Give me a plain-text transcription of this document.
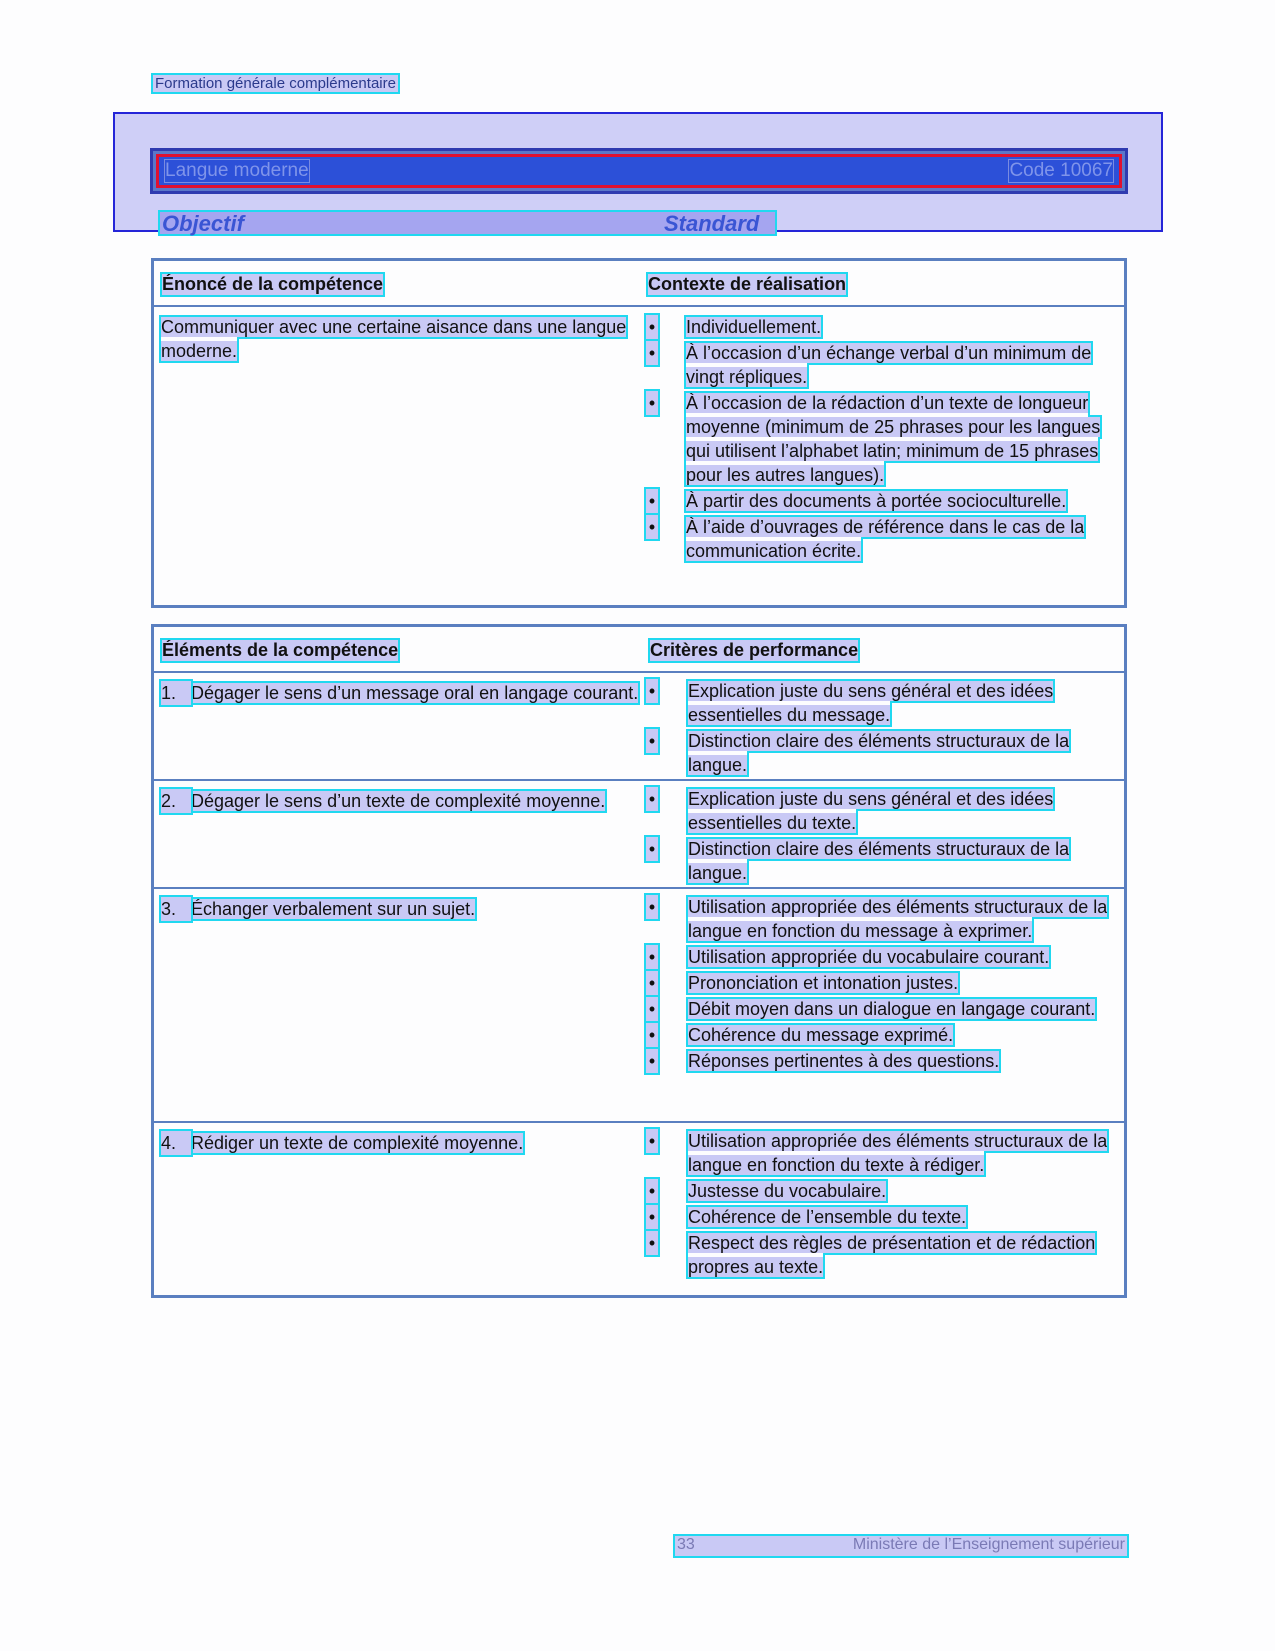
Formation générale complémentaire
Langue moderne	Code 10067
Objectif	Standard
Énoncé de la compétence	Contexte de réalisation
Communiquer avec une certaine aisance dans une langue moderne.
• Individuellement.
• À l’occasion d’un échange verbal d’un minimum de vingt répliques.
• À l’occasion de la rédaction d’un texte de longueur moyenne (minimum de 25 phrases pour les langues qui utilisent l’alphabet latin; minimum de 15 phrases pour les autres langues).
• À partir des documents à portée socioculturelle.
• À l’aide d’ouvrages de référence dans le cas de la communication écrite.
Éléments de la compétence	Critères de performance
1. Dégager le sens d’un message oral en langage courant.	• Explication juste du sens général et des idées essentielles du message.
• Distinction claire des éléments structuraux de la langue.
2. Dégager le sens d’un texte de complexité moyenne.	• Explication juste du sens général et des idées essentielles du texte.
• Distinction claire des éléments structuraux de la langue.
3. Échanger verbalement sur un sujet.	• Utilisation appropriée des éléments structuraux de la langue en fonction du message à exprimer.
• Utilisation appropriée du vocabulaire courant.
• Prononciation et intonation justes.
• Débit moyen dans un dialogue en langage courant.
• Cohérence du message exprimé.
• Réponses pertinentes à des questions.
4. Rédiger un texte de complexité moyenne.	• Utilisation appropriée des éléments structuraux de la langue en fonction du texte à rédiger.
• Justesse du vocabulaire.
• Cohérence de l’ensemble du texte.
• Respect des règles de présentation et de rédaction propres au texte.
33	Ministère de l’Enseignement supérieur
